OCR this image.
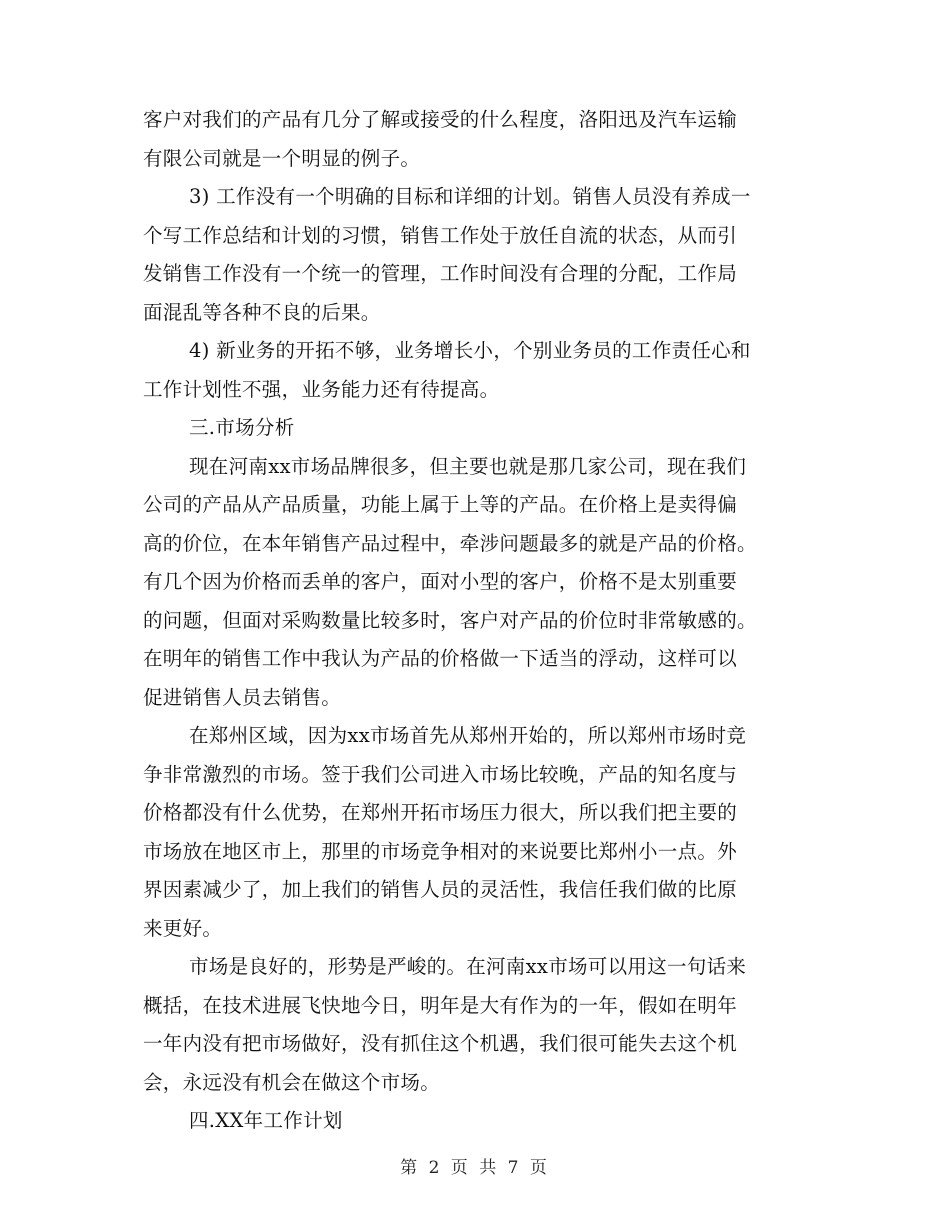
客户对我们的产品有几分了解或接受的什么程度，洛阳迅及汽车运输
有限公司就是一个明显的例子。
3) 工作没有一个明确的目标和详细的计划。销售人员没有养成一
个写工作总结和计划的习惯，销售工作处于放任自流的状态，从而引
发销售工作没有一个统一的管理，工作时间没有合理的分配，工作局
面混乱等各种不良的后果。
4) 新业务的开拓不够，业务增长小，个别业务员的工作责任心和
工作计划性不强，业务能力还有待提高。
三.市场分析
现在河南xx市场品牌很多，但主要也就是那几家公司，现在我们
公司的产品从产品质量，功能上属于上等的产品。在价格上是卖得偏
高的价位，在本年销售产品过程中，牵涉问题最多的就是产品的价格。
有几个因为价格而丢单的客户，面对小型的客户，价格不是太别重要
的问题，但面对采购数量比较多时，客户对产品的价位时非常敏感的。
在明年的销售工作中我认为产品的价格做一下适当的浮动，这样可以
促进销售人员去销售。
在郑州区域，因为xx市场首先从郑州开始的，所以郑州市场时竞
争非常激烈的市场。签于我们公司进入市场比较晚，产品的知名度与
价格都没有什么优势，在郑州开拓市场压力很大，所以我们把主要的
市场放在地区市上，那里的市场竞争相对的来说要比郑州小一点。外
界因素减少了，加上我们的销售人员的灵活性，我信任我们做的比原
来更好。
市场是良好的，形势是严峻的。在河南xx市场可以用这一句话来
概括，在技术进展飞快地今日，明年是大有作为的一年，假如在明年
一年内没有把市场做好，没有抓住这个机遇，我们很可能失去这个机
会，永远没有机会在做这个市场。
四.XX年工作计划
第 2 页 共 7 页
